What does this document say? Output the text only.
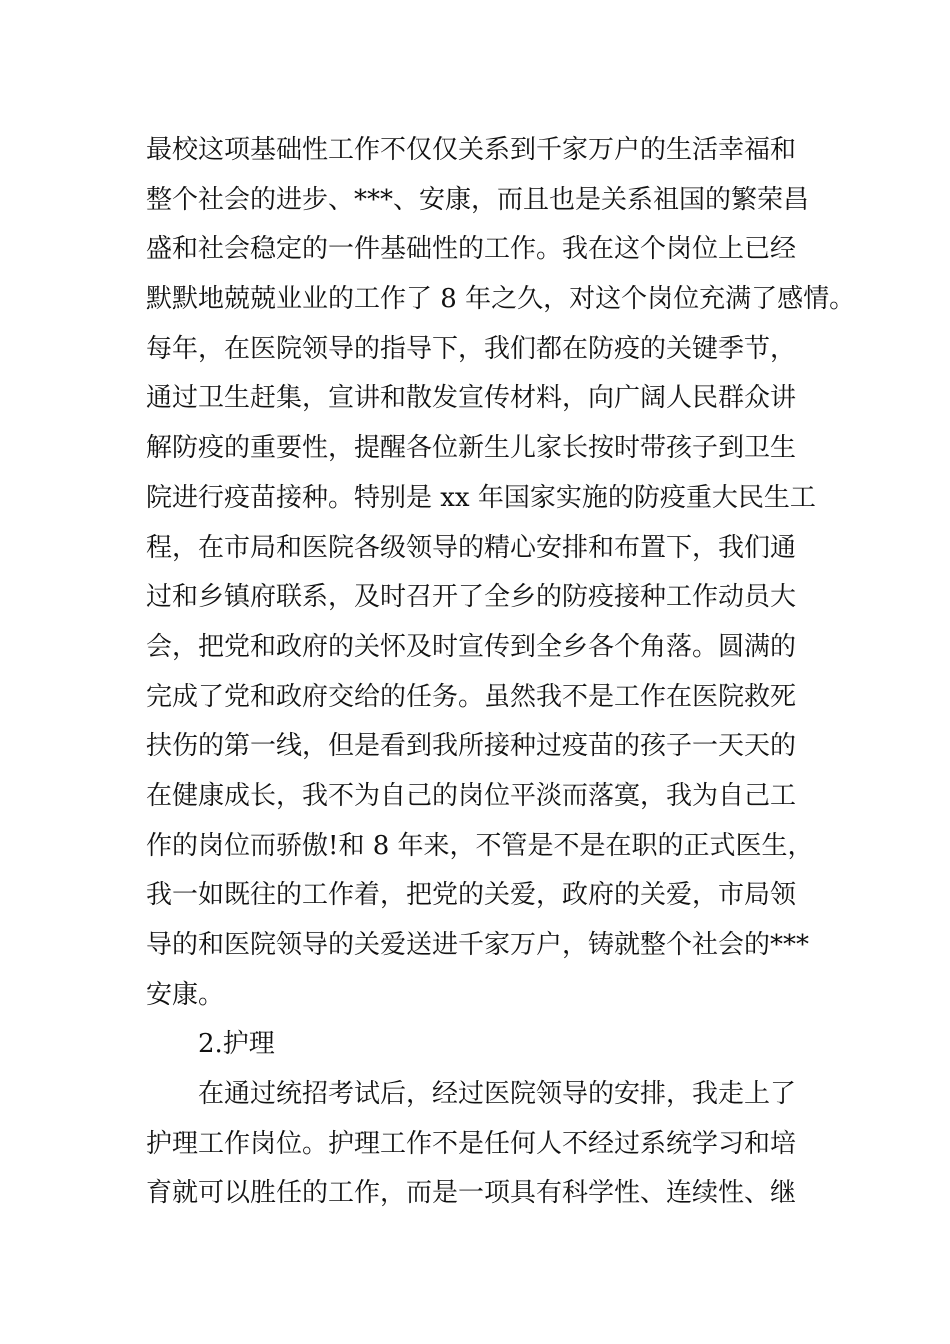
最校这项基础性工作不仅仅关系到千家万户的生活幸福和
整个社会的进步、***、安康，而且也是关系祖国的繁荣昌
盛和社会稳定的一件基础性的工作。我在这个岗位上已经
默默地兢兢业业的工作了 8 年之久，对这个岗位充满了感情。
每年，在医院领导的指导下，我们都在防疫的关键季节，
通过卫生赶集，宣讲和散发宣传材料，向广阔人民群众讲
解防疫的重要性，提醒各位新生儿家长按时带孩子到卫生
院进行疫苗接种。特别是 xx 年国家实施的防疫重大民生工
程，在市局和医院各级领导的精心安排和布置下，我们通
过和乡镇府联系，及时召开了全乡的防疫接种工作动员大
会，把党和政府的关怀及时宣传到全乡各个角落。圆满的
完成了党和政府交给的任务。虽然我不是工作在医院救死
扶伤的第一线，但是看到我所接种过疫苗的孩子一天天的
在健康成长，我不为自己的岗位平淡而落寞，我为自己工
作的岗位而骄傲!和 8 年来，不管是不是在职的正式医生，
我一如既往的工作着，把党的关爱，政府的关爱，市局领
导的和医院领导的关爱送进千家万户，铸就整个社会的***
安康。
2.护理
在通过统招考试后，经过医院领导的安排，我走上了
护理工作岗位。护理工作不是任何人不经过系统学习和培
育就可以胜任的工作，而是一项具有科学性、连续性、继
